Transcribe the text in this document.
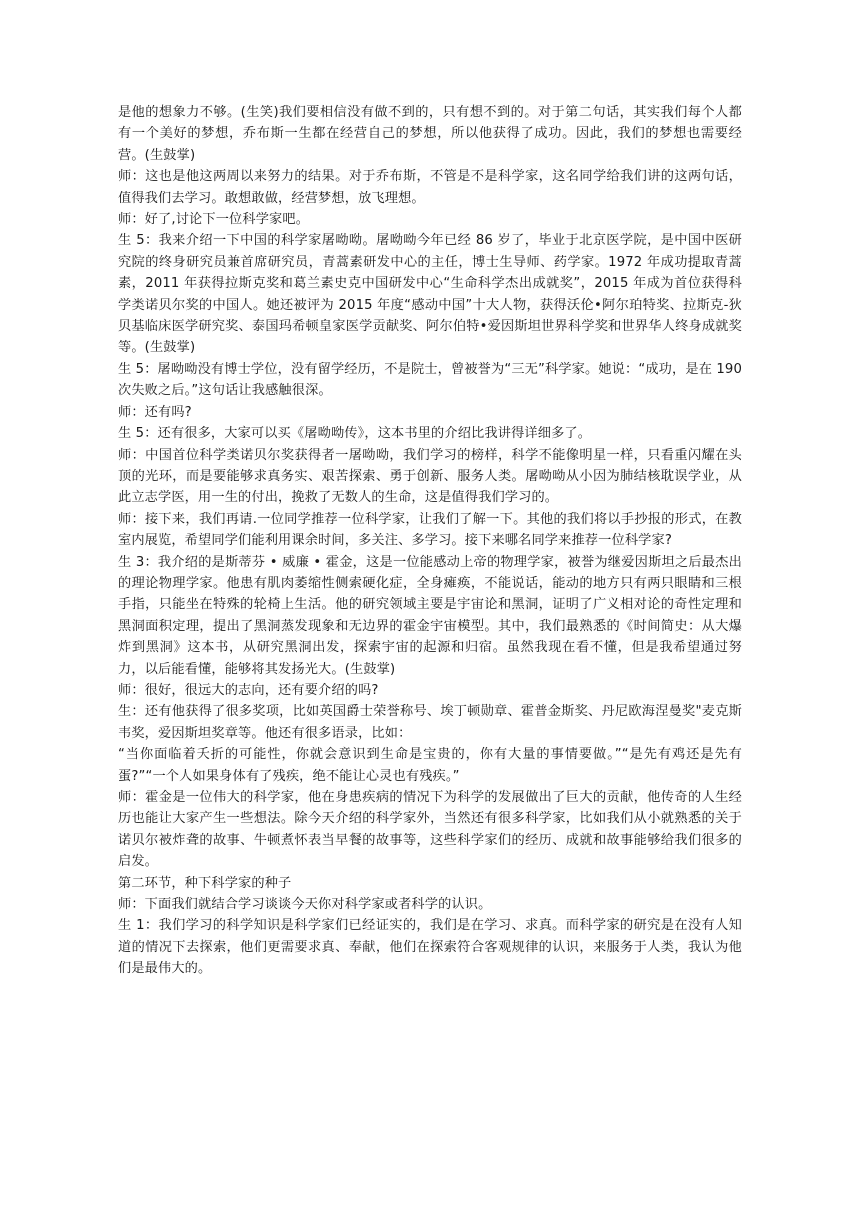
是他的想象力不够。(生笑)我们要相信没有做不到的，只有想不到的。对于第二句话，其实我们每个人都有一个美好的梦想，乔布斯一生都在经营自己的梦想，所以他获得了成功。因此，我们的梦想也需要经营。(生鼓掌)

师：这也是他这两周以来努力的结果。对于乔布斯，不管是不是科学家，这名同学给我们讲的这两句话，值得我们去学习。敢想敢做，经营梦想，放飞理想。

师：好了,讨论下一位科学家吧。

生 5：我来介绍一下中国的科学家屠呦呦。屠呦呦今年已经 86 岁了，毕业于北京医学院，是中国中医研究院的终身研究员兼首席研究员，青蒿素研发中心的主任，博士生导师、药学家。1972 年成功提取青蒿素，2011 年获得拉斯克奖和葛兰素史克中国研发中心“生命科学杰出成就奖”，2015 年成为首位获得科学类诺贝尔奖的中国人。她还被评为 2015 年度“感动中国”十大人物，获得沃伦•阿尔珀特奖、拉斯克-狄贝基临床医学研究奖、泰国玛希顿皇家医学贡献奖、阿尔伯特•爱因斯坦世界科学奖和世界华人终身成就奖等。(生鼓掌)

生 5：屠呦呦没有博士学位，没有留学经历，不是院士，曾被誉为“三无”科学家。她说：“成功，是在 190 次失败之后。”这句话让我感触很深。

师：还有吗?

生 5：还有很多，大家可以买《屠呦呦传》，这本书里的介绍比我讲得详细多了。

师：中国首位科学类诺贝尔奖获得者一屠呦呦，我们学习的榜样，科学不能像明星一样，只看重闪耀在头顶的光环，而是要能够求真务实、艰苦探索、勇于创新、服务人类。屠呦呦从小因为肺结核耽误学业，从此立志学医，用一生的付出，挽救了无数人的生命，这是值得我们学习的。

师：接下来，我们再请.一位同学推荐一位科学家，让我们了解一下。其他的我们将以手抄报的形式，在教室内展览，希望同学们能利用课余时间，多关注、多学习。接下来哪名同学来推荐一位科学家?

生 3：我介绍的是斯蒂芬 • 威廉 • 霍金，这是一位能感动上帝的物理学家，被誉为继爱因斯坦之后最杰出的理论物理学家。他患有肌肉萎缩性侧索硬化症，全身瘫痪，不能说话，能动的地方只有两只眼睛和三根手指，只能坐在特殊的轮椅上生活。他的研究领域主要是宇宙论和黑洞，证明了广义相对论的奇性定理和黑洞面积定理，提出了黑洞蒸发现象和无边界的霍金宇宙模型。其中，我们最熟悉的《时间简史：从大爆炸到黑洞》这本书，从研究黑洞出发，探索宇宙的起源和归宿。虽然我现在看不懂，但是我希望通过努力，以后能看懂，能够将其发扬光大。(生鼓掌)

师：很好，很远大的志向，还有要介绍的吗?

生：还有他获得了很多奖项，比如英国爵士荣誉称号、埃丁顿勋章、霍普金斯奖、丹尼欧海涅曼奖"麦克斯韦奖，爱因斯坦奖章等。他还有很多语录，比如：

“当你面临着夭折的可能性，你就会意识到生命是宝贵的，你有大量的事情要做。”“是先有鸡还是先有蛋?”“一个人如果身体有了残疾，绝不能让心灵也有残疾。”

师：霍金是一位伟大的科学家，他在身患疾病的情况下为科学的发展做出了巨大的贡献，他传奇的人生经历也能让大家产生一些想法。除今天介绍的科学家外，当然还有很多科学家，比如我们从小就熟悉的关于诺贝尔被炸聋的故事、牛顿煮怀表当早餐的故事等，这些科学家们的经历、成就和故事能够给我们很多的启发。

第二环节，种下科学家的种子

师：下面我们就结合学习谈谈今天你对科学家或者科学的认识。

生 1：我们学习的科学知识是科学家们已经证实的，我们是在学习、求真。而科学家的研究是在没有人知道的情况下去探索，他们更需要求真、奉献，他们在探索符合客观规律的认识，来服务于人类，我认为他们是最伟大的。
